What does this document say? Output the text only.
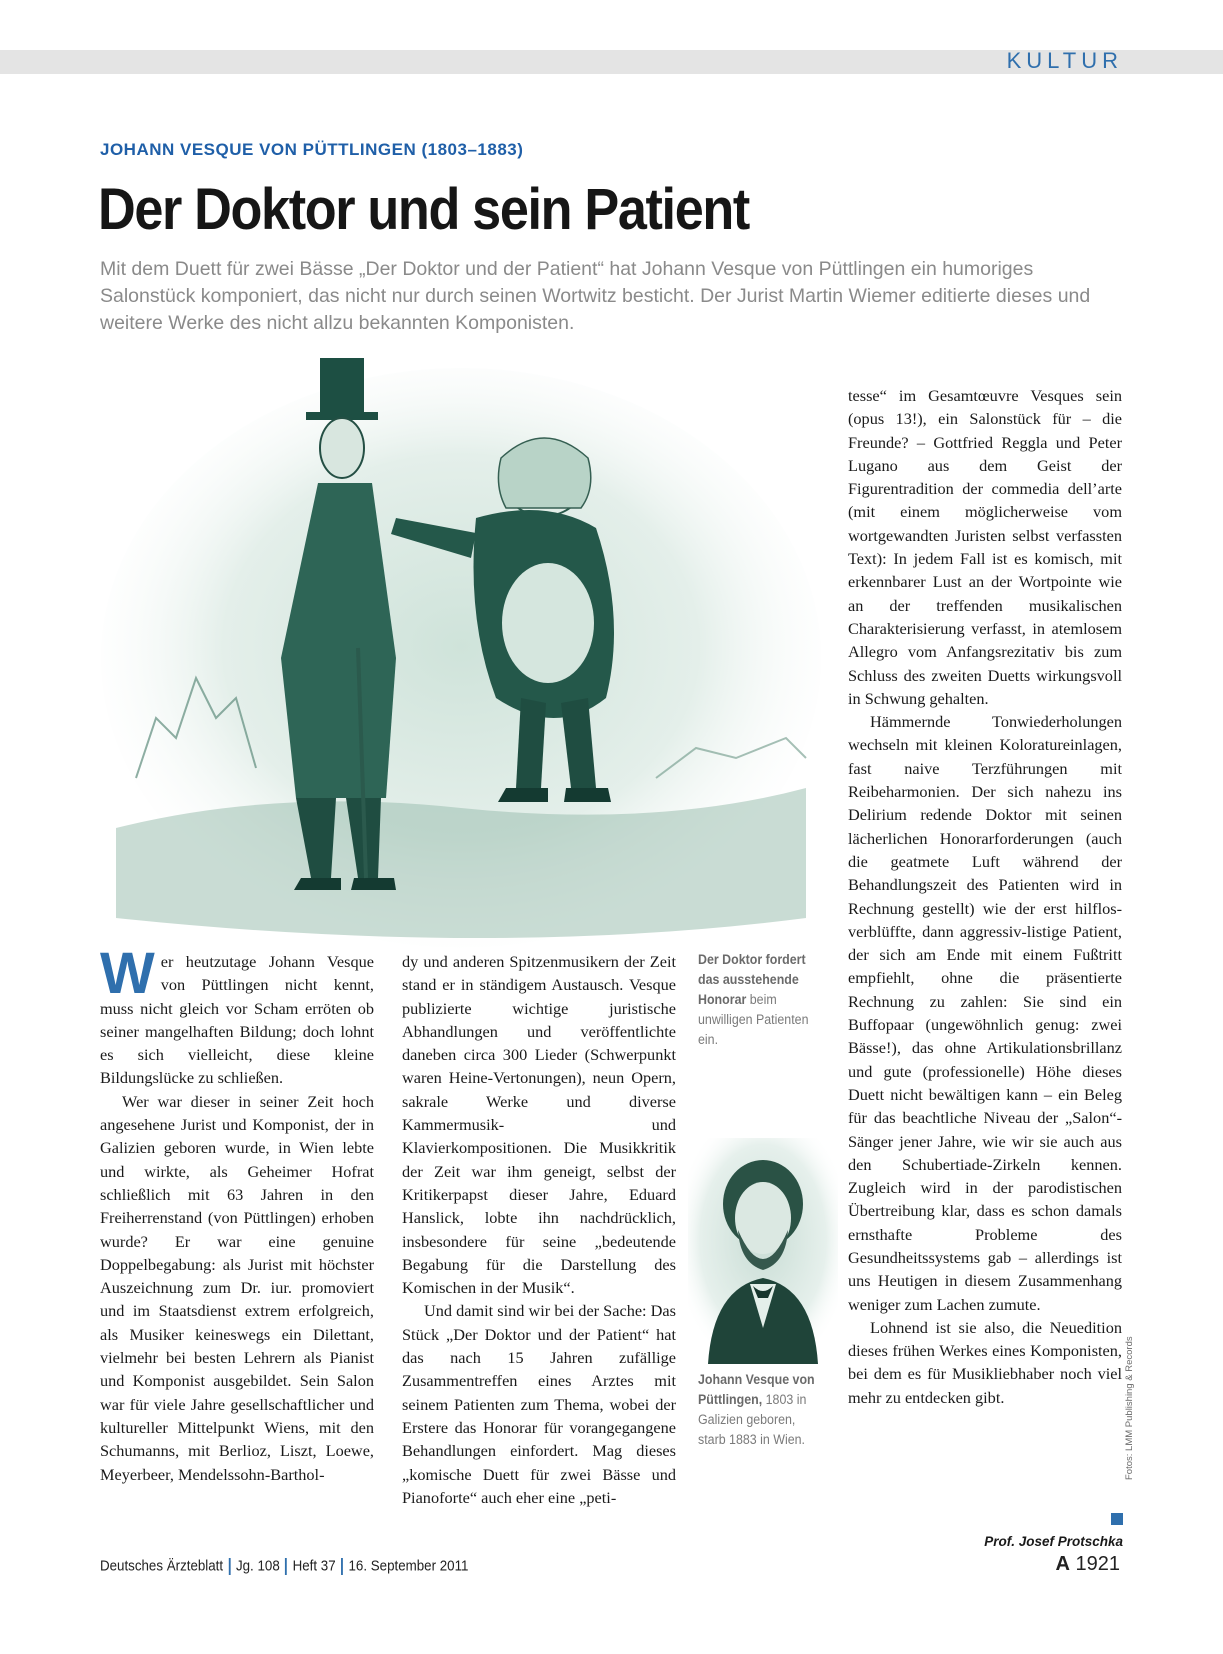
KULTUR
JOHANN VESQUE VON PÜTTLINGEN (1803–1883)
Der Doktor und sein Patient

Mit dem Duett für zwei Bässe „Der Doktor und der Patient“ hat Johann Vesque von Püttlingen ein humoriges Salonstück komponiert, das nicht nur durch seinen Wortwitz besticht. Der Jurist Martin Wiemer editierte dieses und weitere Werke des nicht allzu bekannten Komponisten.

Wer heutzutage Johann Vesque von Püttlingen nicht kennt, muss nicht gleich vor Scham erröten ob seiner mangelhaften Bildung; doch lohnt es sich vielleicht, diese kleine Bildungslücke zu schließen.

Wer war dieser in seiner Zeit hoch angesehene Jurist und Komponist, der in Galizien geboren wurde, in Wien lebte und wirkte, als Geheimer Hofrat schließlich mit 63 Jahren in den Freiherrenstand (von Püttlingen) erhoben wurde? Er war eine genuine Doppelbegabung: als Jurist mit höchster Auszeichnung zum Dr. iur. promoviert und im Staatsdienst extrem erfolgreich, als Musiker keineswegs ein Dilettant, vielmehr bei besten Lehrern als Pianist und Komponist ausgebildet. Sein Salon war für viele Jahre gesellschaftlicher und kultureller Mittelpunkt Wiens, mit den Schumanns, mit Berlioz, Liszt, Loewe, Meyerbeer, Mendelssohn-Barthol-

dy und anderen Spitzenmusikern der Zeit stand er in ständigem Austausch. Vesque publizierte wichtige juristische Abhandlungen und veröffentlichte daneben circa 300 Lieder (Schwerpunkt waren Heine-Vertonungen), neun Opern, sakrale Werke und diverse Kammermusik- und Klavierkompositionen. Die Musikkritik der Zeit war ihm geneigt, selbst der Kritikerpapst dieser Jahre, Eduard Hanslick, lobte ihn nachdrücklich, insbesondere für seine „bedeutende Begabung für die Darstellung des Komischen in der Musik“.

Und damit sind wir bei der Sache: Das Stück „Der Doktor und der Patient“ hat das nach 15 Jahren zufällige Zusammentreffen eines Arztes mit seinem Patienten zum Thema, wobei der Erstere das Honorar für vorangegangene Behandlungen einfordert. Mag dieses „komische Duett für zwei Bässe und Pianoforte“ auch eher eine „peti-

tesse“ im Gesamtœuvre Vesques sein (opus 13!), ein Salonstück für – die Freunde? – Gottfried Reggla und Peter Lugano aus dem Geist der Figurentradition der commedia dell’arte (mit einem möglicherweise vom wortgewandten Juristen selbst verfassten Text): In jedem Fall ist es komisch, mit erkennbarer Lust an der Wortpointe wie an der treffenden musikalischen Charakterisierung verfasst, in atemlosem Allegro vom Anfangsrezitativ bis zum Schluss des zweiten Duetts wirkungsvoll in Schwung gehalten.

Hämmernde Tonwiederholungen wechseln mit kleinen Koloratureinlagen, fast naive Terzführungen mit Reibeharmonien. Der sich nahezu ins Delirium redende Doktor mit seinen lächerlichen Honorarforderungen (auch die geatmete Luft während der Behandlungszeit des Patienten wird in Rechnung gestellt) wie der erst hilflos-verblüffte, dann aggressiv-listige Patient, der sich am Ende mit einem Fußtritt empfiehlt, ohne die präsentierte Rechnung zu zahlen: Sie sind ein Buffopaar (ungewöhnlich genug: zwei Bässe!), das ohne Artikulationsbrillanz und gute (professionelle) Höhe dieses Duett nicht bewältigen kann – ein Beleg für das beachtliche Niveau der „Salon“-Sänger jener Jahre, wie wir sie auch aus den Schubertiade-Zirkeln kennen. Zugleich wird in der parodistischen Übertreibung klar, dass es schon damals ernsthafte Probleme des Gesundheitssystems gab – allerdings ist uns Heutigen in diesem Zusammenhang weniger zum Lachen zumute.

Lohnend ist sie also, die Neuedition dieses frühen Werkes eines Komponisten, bei dem es für Musikliebhaber noch viel mehr zu entdecken gibt.

Der Doktor fordert das ausstehende Honorar beim unwilligen Patienten ein.
Johann Vesque von Püttlingen, 1803 in Galizien geboren, starb 1883 in Wien.	Fotos: LMM Publishing & Records
Prof. Josef Protschka
Deutsches Ärzteblatt Jg. 108 Heft 37 16. September 2011	A 1921
